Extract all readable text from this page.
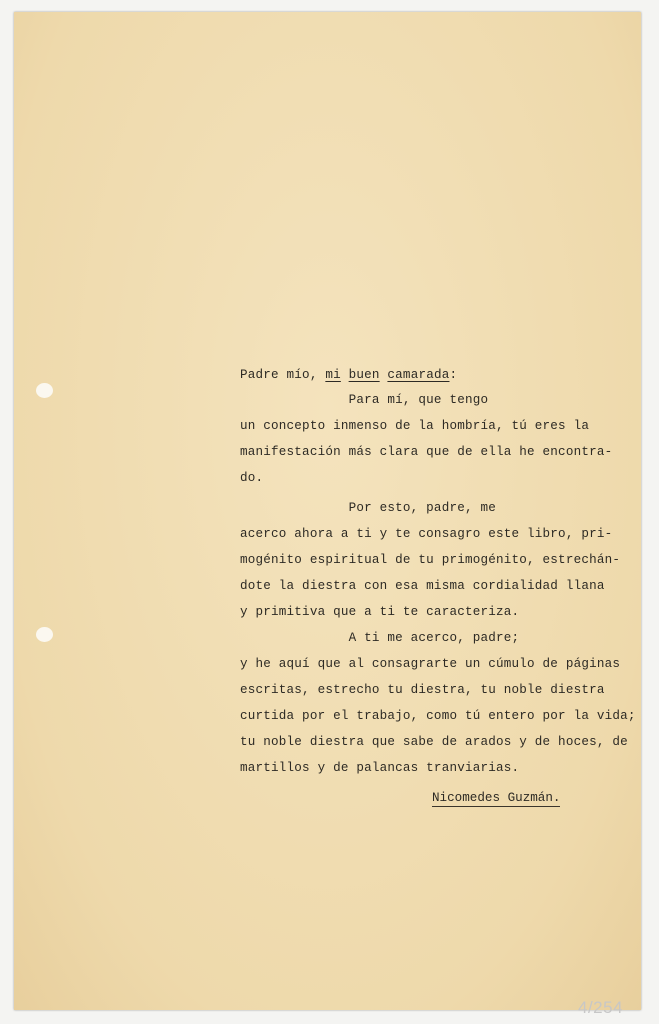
Padre mío, mi buen camarada:
Para mí, que tengo
un concepto inmenso de la hombría, tú eres la
manifestación más clara que de ella he encontra-
do.
Por esto, padre, me
acerco ahora a ti y te consagro este libro, pri-
mogénito espiritual de tu primogénito, estrechán-
dote la diestra con esa misma cordialidad llana
y primitiva que a ti te caracteriza.
A ti me acerco, padre;
y he aquí que al consagrarte un cúmulo de páginas
escritas, estrecho tu diestra, tu noble diestra
curtida por el trabajo, como tú entero por la vida;
tu noble diestra que sabe de arados y de hoces, de
martillos y de palancas tranviarias.
Nicomedes Guzmán.
4/254
